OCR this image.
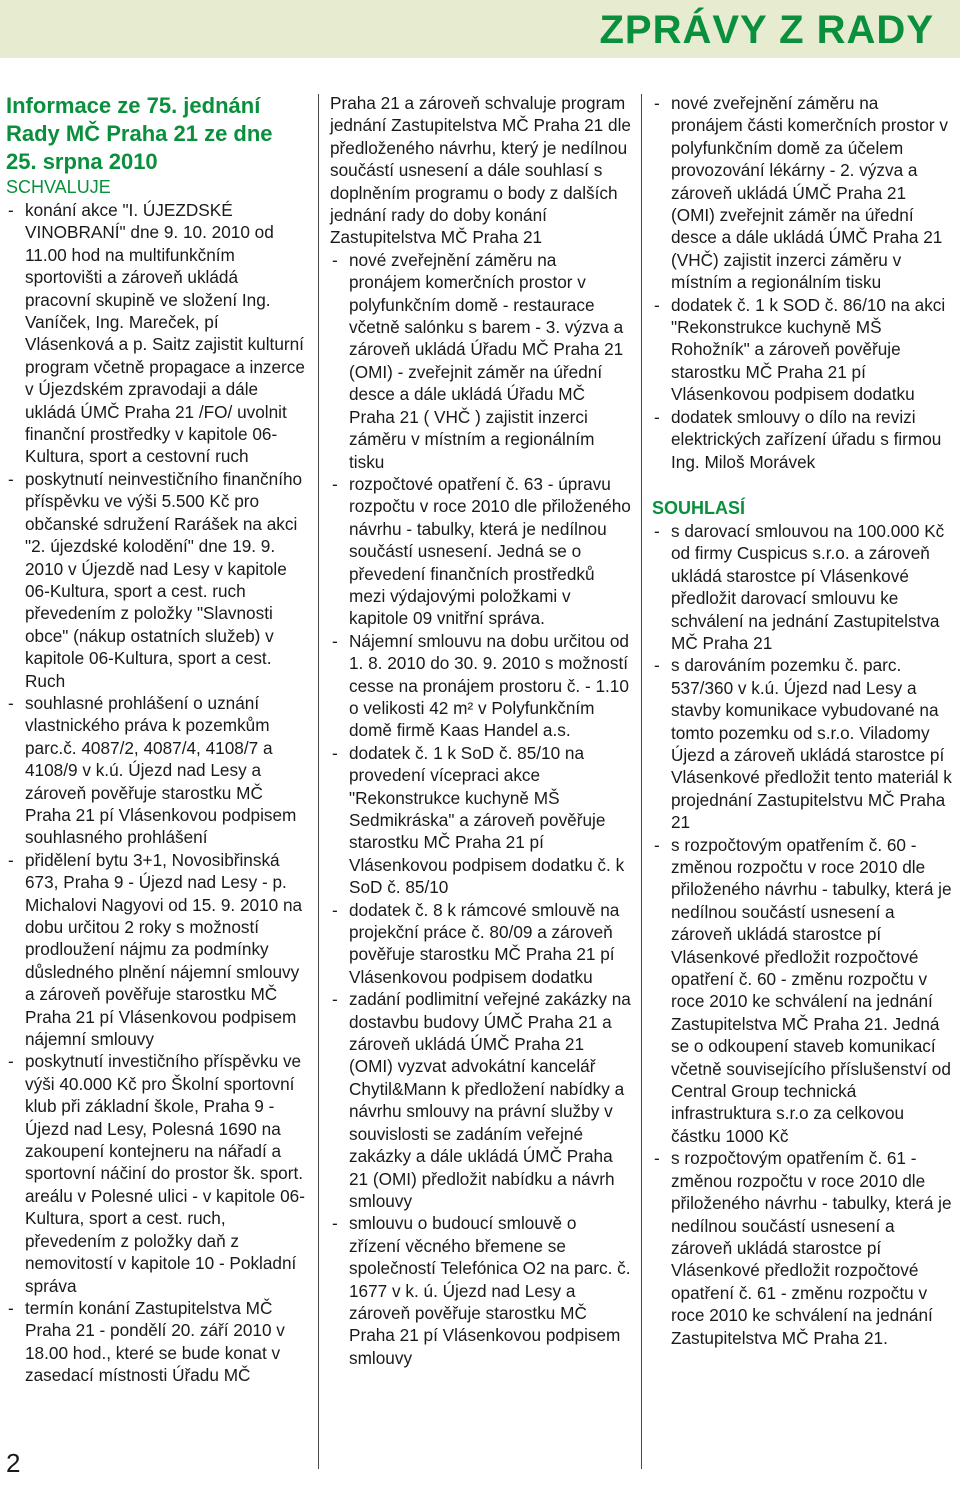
ZPRÁVY Z RADY

Informace ze 75. jednání Rady MČ Praha 21 ze dne 25. srpna 2010

SCHVALUJE

- konání akce "I. ÚJEZDSKÉ VINOBRANÍ" dne 9. 10. 2010 od 11.00 hod na multifunkčním sportovišti a zároveň ukládá pracovní skupině ve složení Ing. Vaníček, Ing. Mareček, pí Vlásenková a p. Saitz zajistit kulturní program včetně propagace a inzerce v Újezdském zpravodaji a dále ukládá ÚMČ Praha 21 /FO/ uvolnit finanční prostředky v kapitole 06-Kultura, sport a cestovní ruch

- poskytnutí neinvestičního finančního příspěvku ve výši 5.500 Kč pro občanské sdružení Rarášek na akci "2. újezdské kolodění" dne 19. 9. 2010 v Újezdě nad Lesy v kapitole 06-Kultura, sport a cest. ruch převedením z položky "Slavnosti obce" (nákup ostatních služeb) v kapitole 06-Kultura, sport a cest. Ruch

- souhlasné prohlášení o uznání vlastnického práva k pozemkům parc.č. 4087/2, 4087/4, 4108/7 a 4108/9 v k.ú. Újezd nad Lesy a zároveň pověřuje starostku MČ Praha 21 pí Vlásenkovou podpisem souhlasného prohlášení

- přidělení bytu 3+1, Novosibřinská 673, Praha 9 - Újezd nad Lesy - p. Michalovi Nagyovi od 15. 9. 2010 na dobu určitou 2 roky s možností prodloužení nájmu za podmínky důsledného plnění nájemní smlouvy a zároveň pověřuje starostku MČ Praha 21 pí Vlásenkovou podpisem nájemní smlouvy

- poskytnutí investičního příspěvku ve výši 40.000 Kč pro Školní sportovní klub při základní škole, Praha 9 - Újezd nad Lesy, Polesná 1690 na zakoupení kontejneru na nářadí a sportovní náčiní do prostor šk. sport. areálu v Polesné ulici - v kapitole 06-Kultura, sport a cest. ruch, převedením z položky daň z nemovitostí v kapitole 10 - Pokladní správa

- termín konání Zastupitelstva MČ Praha 21 - pondělí 20. září 2010 v 18.00 hod., které se bude konat v zasedací místnosti Úřadu MČ

Praha 21 a zároveň schvaluje program jednání Zastupitelstva MČ Praha 21 dle předloženého návrhu, který je nedílnou součástí usnesení a dále souhlasí s doplněním programu o body z dalších jednání rady do doby konání Zastupitelstva MČ Praha 21

- nové zveřejnění záměru na pronájem komerčních prostor v polyfunkčním domě - restaurace včetně salónku s barem - 3. výzva a zároveň ukládá Úřadu MČ Praha 21 (OMI) - zveřejnit záměr na úřední desce a dále ukládá Úřadu MČ Praha 21 ( VHČ ) zajistit inzerci záměru v místním a regionálním tisku

- rozpočtové opatření č. 63 - úpravu rozpočtu v roce 2010 dle přiloženého návrhu - tabulky, která je nedílnou součástí usnesení. Jedná se o převedení finančních prostředků mezi výdajovými položkami v kapitole 09 vnitřní správa.

- Nájemní smlouvu na dobu určitou od 1. 8. 2010 do 30. 9. 2010 s možností cesse na pronájem prostoru č. - 1.10 o velikosti 42 m² v Polyfunkčním domě firmě Kaas Handel a.s.

- dodatek č. 1 k SoD č. 85/10 na provedení vícepraci akce "Rekonstrukce kuchyně MŠ Sedmikráska" a zároveň pověřuje starostku MČ Praha 21 pí Vlásenkovou podpisem dodatku č. k SoD č. 85/10

- dodatek č. 8 k rámcové smlouvě na projekční práce č. 80/09 a zároveň pověřuje starostku MČ Praha 21 pí Vlásenkovou podpisem dodatku

- zadání podlimitní veřejné zakázky na dostavbu budovy ÚMČ Praha 21 a zároveň ukládá ÚMČ Praha 21 (OMI) vyzvat advokátní kancelář Chytil&Mann k předložení nabídky a návrhu smlouvy na právní služby v souvislosti se zadáním veřejné zakázky a dále ukládá ÚMČ Praha 21 (OMI) předložit nabídku a návrh smlouvy

- smlouvu o budoucí smlouvě o zřízení věcného břemene se společností Telefónica O2 na parc. č. 1677 v k. ú. Újezd nad Lesy a zároveň pověřuje starostku MČ Praha 21 pí Vlásenkovou podpisem smlouvy

- nové zveřejnění záměru na pronájem části komerčních prostor v polyfunkčním domě za účelem provozování lékárny - 2. výzva a zároveň ukládá ÚMČ Praha 21 (OMI) zveřejnit záměr na úřední desce a dále ukládá ÚMČ Praha 21 (VHČ) zajistit inzerci záměru v místním a regionálním tisku

- dodatek č. 1 k SOD č. 86/10 na akci "Rekonstrukce kuchyně MŠ Rohožník" a zároveň pověřuje starostku MČ Praha 21 pí Vlásenkovou podpisem dodatku

- dodatek smlouvy o dílo na revizi elektrických zařízení úřadu s firmou Ing. Miloš Morávek

SOUHLASÍ

- s darovací smlouvou na 100.000 Kč od firmy Cuspicus s.r.o. a zároveň ukládá starostce pí Vlásenkové předložit darovací smlouvu ke schválení na jednání Zastupitelstva MČ Praha 21

- s darováním pozemku č. parc. 537/360 v k.ú. Újezd nad Lesy a stavby komunikace vybudované na tomto pozemku od s.r.o. Viladomy Újezd a zároveň ukládá starostce pí Vlásenkové předložit tento materiál k projednání Zastupitelstvu MČ Praha 21

- s rozpočtovým opatřením č. 60 - změnou rozpočtu v roce 2010 dle přiloženého návrhu - tabulky, která je nedílnou součástí usnesení a zároveň ukládá starostce pí Vlásenkové předložit rozpočtové opatření č. 60 - změnu rozpočtu v roce 2010 ke schválení na jednání Zastupitelstva MČ Praha 21. Jedná se o odkoupení staveb komunikací včetně souvisejícího příslušenství od Central Group technická infrastruktura s.r.o za celkovou částku 1000 Kč

- s rozpočtovým opatřením č. 61 - změnou rozpočtu v roce 2010 dle přiloženého návrhu - tabulky, která je nedílnou součástí usnesení a zároveň ukládá starostce pí Vlásenkové předložit rozpočtové opatření č. 61 - změnu rozpočtu v roce 2010 ke schválení na jednání Zastupitelstva MČ Praha 21.

2
